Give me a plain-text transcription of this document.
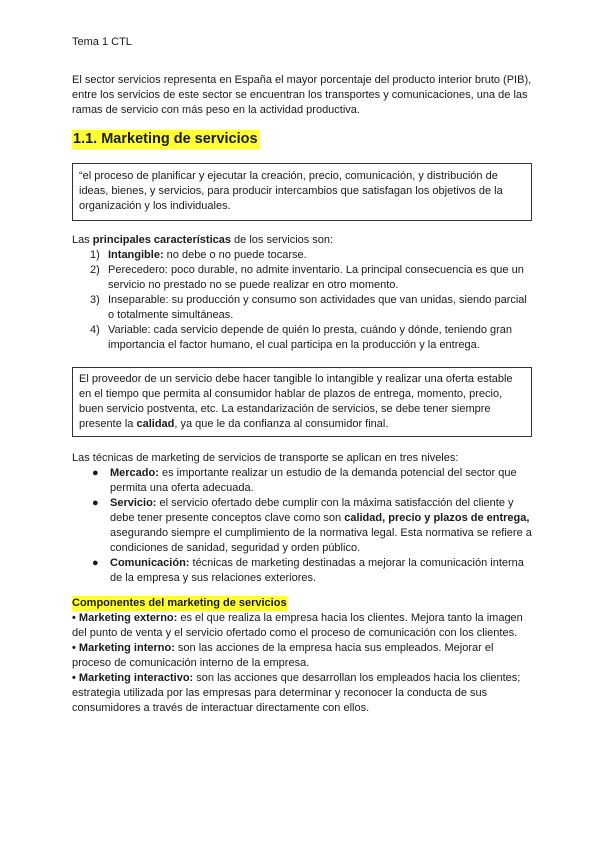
Tema 1 CTL

El sector servicios representa en España el mayor porcentaje del producto interior bruto (PIB), entre los servicios de este sector se encuentran los transportes y comunicaciones, una de las ramas de servicio con más peso en la actividad productiva.

1.1. Marketing de servicios
“el proceso de planificar y ejecutar la creación, precio, comunicación, y distribución de ideas, bienes, y servicios, para producir intercambios que satisfagan los objetivos de la organización y los individuales.

Las principales características de los servicios son:

1) Intangible: no debe o no puede tocarse.
2) Perecedero: poco durable, no admite inventario. La principal consecuencia es que un servicio no prestado no se puede realizar en otro momento.
3) Inseparable: su producción y consumo son actividades que van unidas, siendo parcial o totalmente simultáneas.
4) Variable: cada servicio depende de quién lo presta, cuándo y dónde, teniendo gran importancia el factor humano, el cual participa en la producción y la entrega.
El proveedor de un servicio debe hacer tangible lo intangible y realizar una oferta estable en el tiempo que permita al consumidor hablar de plazos de entrega, momento, precio, buen servicio postventa, etc. La estandarización de servicios, se debe tener siempre presente la calidad, ya que le da confianza al consumidor final.

Las técnicas de marketing de servicios de transporte se aplican en tres niveles:

● Mercado: es importante realizar un estudio de la demanda potencial del sector que permita una oferta adecuada.
● Servicio: el servicio ofertado debe cumplir con la máxima satisfacción del cliente y debe tener presente conceptos clave como son calidad, precio y plazos de entrega, asegurando siempre el cumplimiento de la normativa legal. Esta normativa se refiere a condiciones de sanidad, seguridad y orden público.
● Comunicación: técnicas de marketing destinadas a mejorar la comunicación interna de la empresa y sus relaciones exteriores.

Componentes del marketing de servicios

• Marketing externo: es el que realiza la empresa hacia los clientes. Mejora tanto la imagen del punto de venta y el servicio ofertado como el proceso de comunicación con los clientes.

• Marketing interno: son las acciones de la empresa hacia sus empleados. Mejorar el proceso de comunicación interno de la empresa.

• Marketing interactivo: son las acciones que desarrollan los empleados hacia los clientes; estrategia utilizada por las empresas para determinar y reconocer la conducta de sus consumidores a través de interactuar directamente con ellos.
